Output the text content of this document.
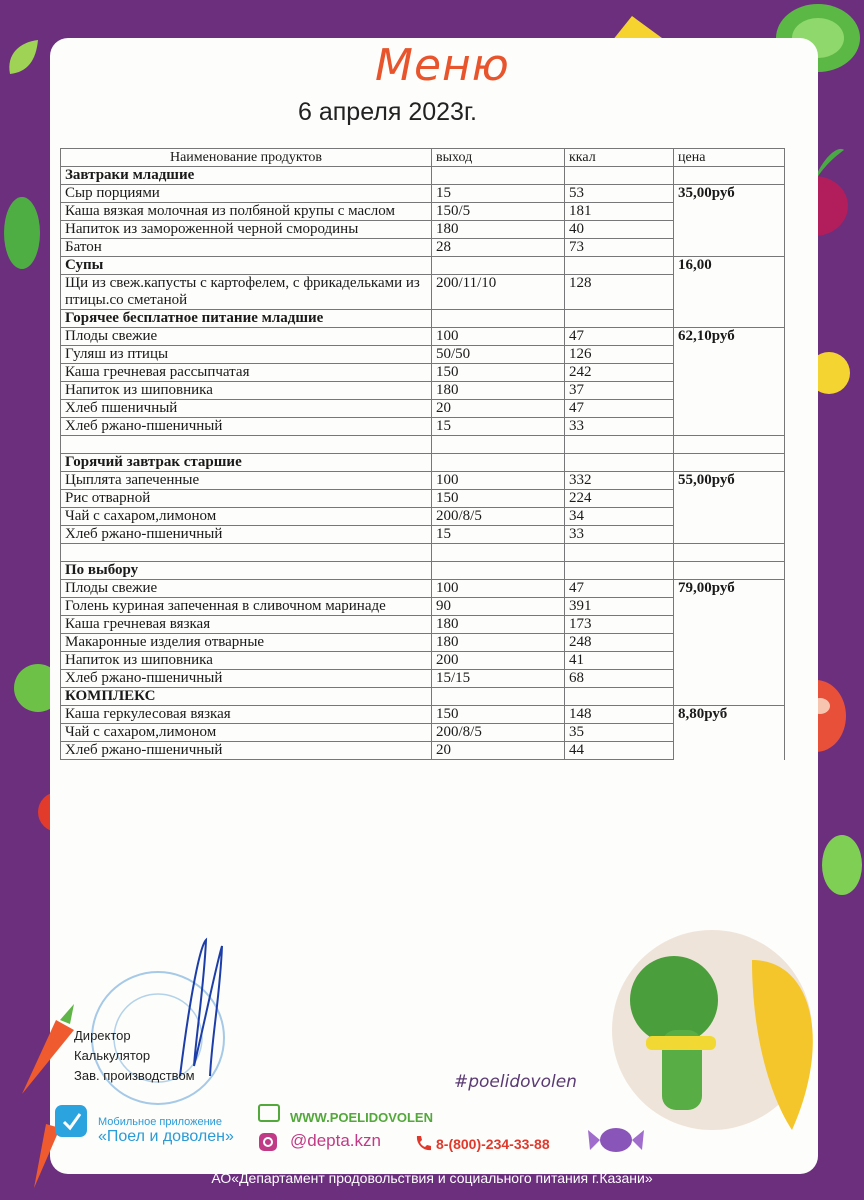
Меню
6 апреля 2023г.
Наименование продуктов	выход	ккал	цена
Завтраки младшие			
Сыр порциями	15	53	35,00руб
Каша вязкая молочная из полбяной крупы с маслом	150/5	181	
Напиток из замороженной черной смородины	180	40	
Батон	28	73	
Супы			16,00
Щи из свеж.капусты с картофелем, с фрикадельками из птицы.со сметаной	200/11/10	128	
Горячее бесплатное питание младшие			
Плоды свежие	100	47	62,10руб
Гуляш из птицы	50/50	126	
Каша гречневая рассыпчатая	150	242	
Напиток из шиповника	180	37	
Хлеб пшеничный	20	47	
Хлеб ржано-пшеничный	15	33	

Горячий завтрак старшие			
Цыплята запеченные	100	332	55,00руб
Рис отварной	150	224	
Чай с сахаром,лимоном	200/8/5	34	
Хлеб ржано-пшеничный	15	33	

По выбору			
Плоды свежие	100	47	79,00руб
Голень куриная запеченная в сливочном маринаде	90	391	
Каша гречневая вязкая	180	173	
Макаронные изделия отварные	180	248	
Напиток из шиповника	200	41	
Хлеб ржано-пшеничный	15/15	68	
КОМПЛЕКС			
Каша геркулесовая вязкая	150	148	8,80руб
Чай с сахаром,лимоном	200/8/5	35	
Хлеб ржано-пшеничный	20	44	
Директор
Калькулятор
Зав. производством
Мобильное приложение
«Поел и доволен»
WWW.POELIDOVOLEN
@depta.kzn	8-(800)-234-33-88
#poelidovolen
АО«Департамент продовольствия и социального питания г.Казани»
